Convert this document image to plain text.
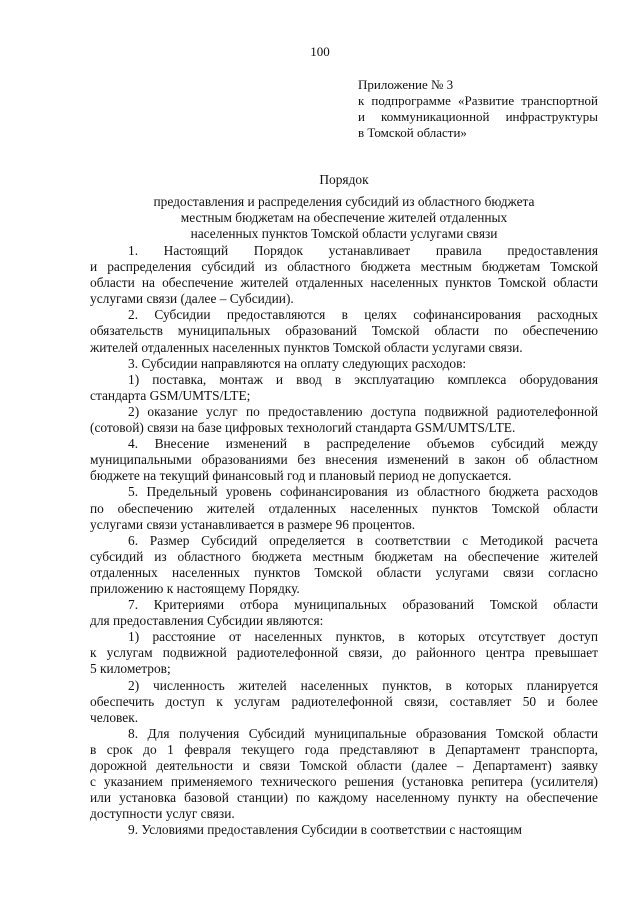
100
Приложение № 3
к подпрограмме «Развитие транспортной
и коммуникационной инфраструктуры
в Томской области»
Порядок
предоставления и распределения субсидий из областного бюджета
местным бюджетам на обеспечение жителей отдаленных
населенных пунктов Томской области услугами связи
1. Настоящий Порядок устанавливает правила предоставления
и распределения субсидий из областного бюджета местным бюджетам Томской
области на обеспечение жителей отдаленных населенных пунктов Томской области
услугами связи (далее – Субсидии).
2. Субсидии предоставляются в целях софинансирования расходных
обязательств муниципальных образований Томской области по обеспечению
жителей отдаленных населенных пунктов Томской области услугами связи.
3. Субсидии направляются на оплату следующих расходов:
1) поставка, монтаж и ввод в эксплуатацию комплекса оборудования
стандарта GSM/UMTS/LTE;
2) оказание услуг по предоставлению доступа подвижной радиотелефонной
(сотовой) связи на базе цифровых технологий стандарта GSM/UMTS/LTE.
4. Внесение изменений в распределение объемов субсидий между
муниципальными образованиями без внесения изменений в закон об областном
бюджете на текущий финансовый год и плановый период не допускается.
5. Предельный уровень софинансирования из областного бюджета расходов
по обеспечению жителей отдаленных населенных пунктов Томской области
услугами связи устанавливается в размере 96 процентов.
6. Размер Субсидий определяется в соответствии с Методикой расчета
субсидий из областного бюджета местным бюджетам на обеспечение жителей
отдаленных населенных пунктов Томской области услугами связи согласно
приложению к настоящему Порядку.
7. Критериями отбора муниципальных образований Томской области
для предоставления Субсидии являются:
1) расстояние от населенных пунктов, в которых отсутствует доступ
к услугам подвижной радиотелефонной связи, до районного центра превышает
5 километров;
2) численность жителей населенных пунктов, в которых планируется
обеспечить доступ к услугам радиотелефонной связи, составляет 50 и более
человек.
8. Для получения Субсидий муниципальные образования Томской области
в срок до 1 февраля текущего года представляют в Департамент транспорта,
дорожной деятельности и связи Томской области (далее – Департамент) заявку
с указанием применяемого технического решения (установка репитера (усилителя)
или установка базовой станции) по каждому населенному пункту на обеспечение
доступности услуг связи.
9. Условиями предоставления Субсидии в соответствии с настоящим
